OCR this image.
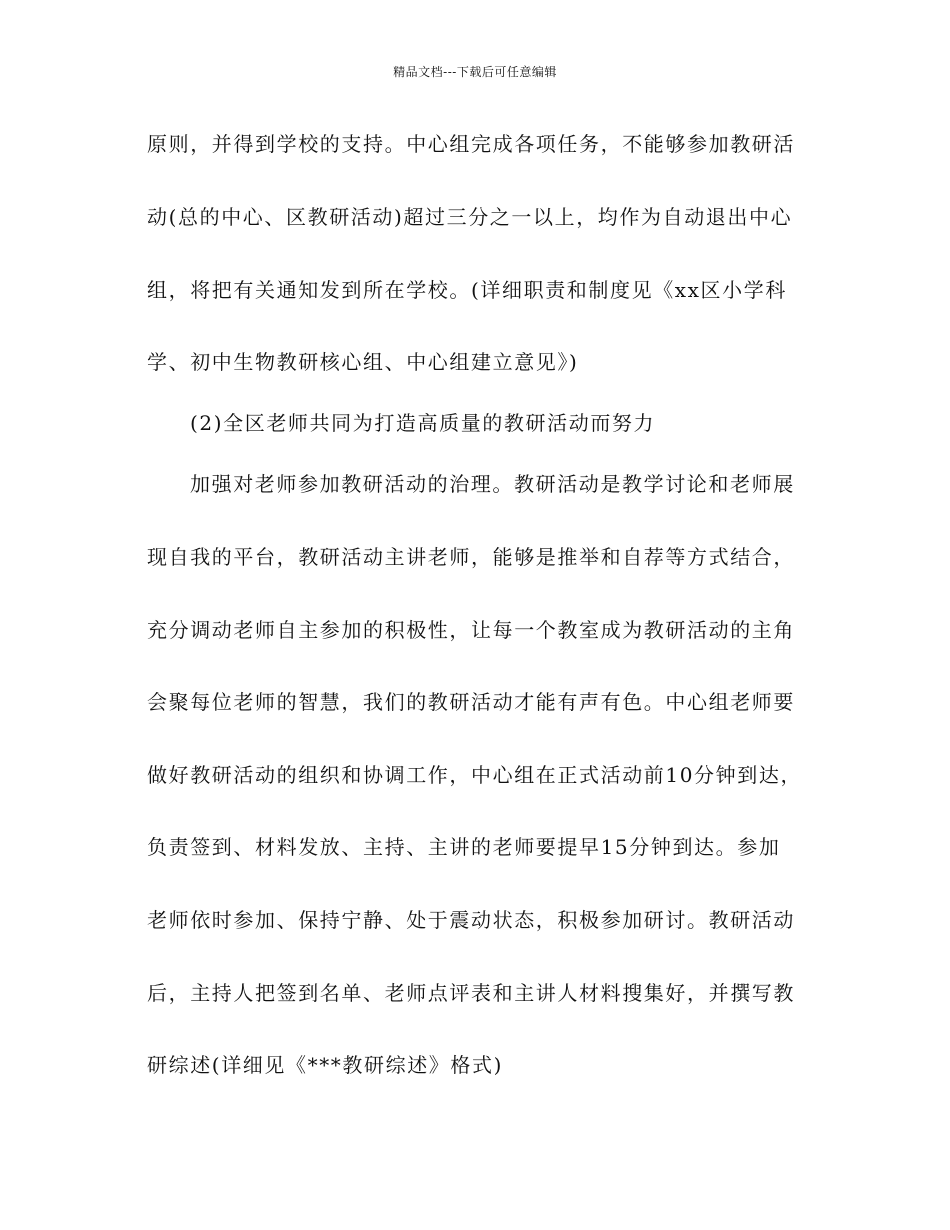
精品文档---下载后可任意编辑
原则，并得到学校的支持。中心组完成各项任务，不能够参加教研活
动(总的中心、区教研活动)超过三分之一以上，均作为自动退出中心
组，将把有关通知发到所在学校。(详细职责和制度见《xx区小学科
学、初中生物教研核心组、中心组建立意见》)
(2)全区老师共同为打造高质量的教研活动而努力
加强对老师参加教研活动的治理。教研活动是教学讨论和老师展
现自我的平台，教研活动主讲老师，能够是推举和自荐等方式结合，
充分调动老师自主参加的积极性，让每一个教室成为教研活动的主角
会聚每位老师的智慧，我们的教研活动才能有声有色。中心组老师要
做好教研活动的组织和协调工作，中心组在正式活动前10分钟到达，
负责签到、材料发放、主持、主讲的老师要提早15分钟到达。参加
老师依时参加、保持宁静、处于震动状态，积极参加研讨。教研活动
后，主持人把签到名单、老师点评表和主讲人材料搜集好，并撰写教
研综述(详细见《***教研综述》格式)
